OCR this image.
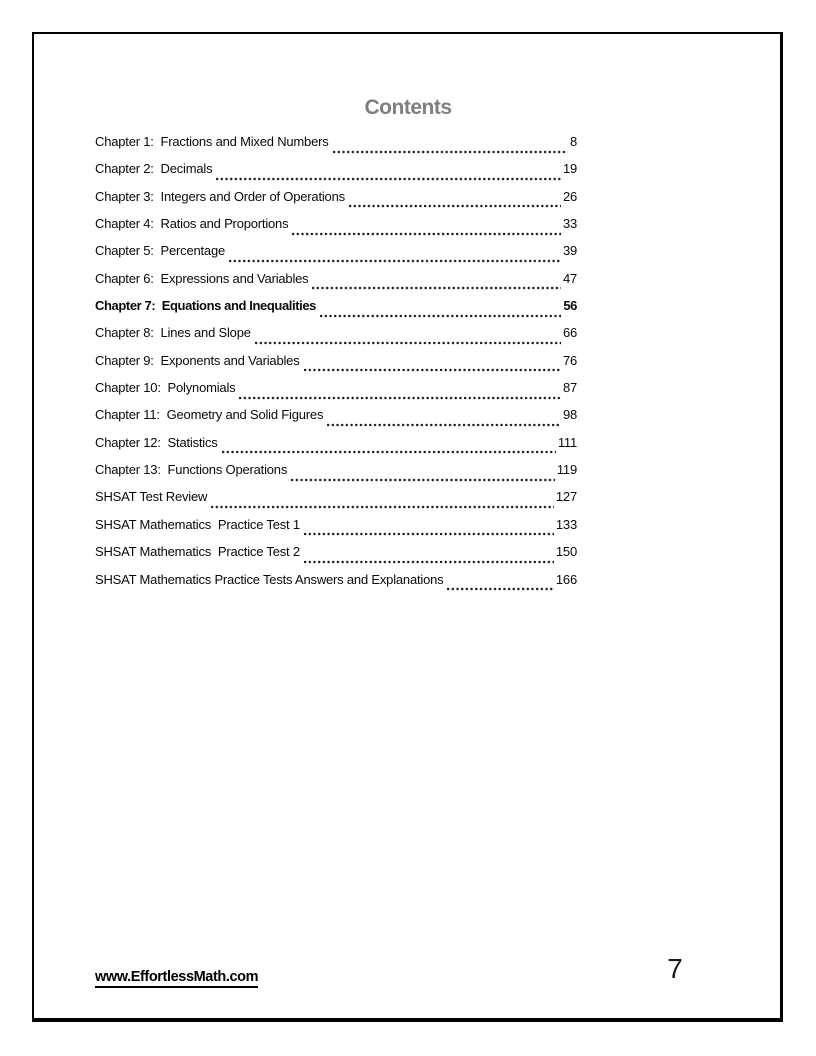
Contents
Chapter 1:  Fractions and Mixed Numbers	8
Chapter 2:  Decimals	19
Chapter 3:  Integers and Order of Operations	26
Chapter 4:  Ratios and Proportions	33
Chapter 5:  Percentage	39
Chapter 6:  Expressions and Variables	47
Chapter 7:  Equations and Inequalities	56
Chapter 8:  Lines and Slope	66
Chapter 9:  Exponents and Variables	76
Chapter 10:  Polynomials	87
Chapter 11:  Geometry and Solid Figures	98
Chapter 12:  Statistics	111
Chapter 13:  Functions Operations	119
SHSAT Test Review	127
SHSAT Mathematics  Practice Test 1	133
SHSAT Mathematics  Practice Test 2	150
SHSAT Mathematics Practice Tests Answers and Explanations	166
www.EffortlessMath.com	7
